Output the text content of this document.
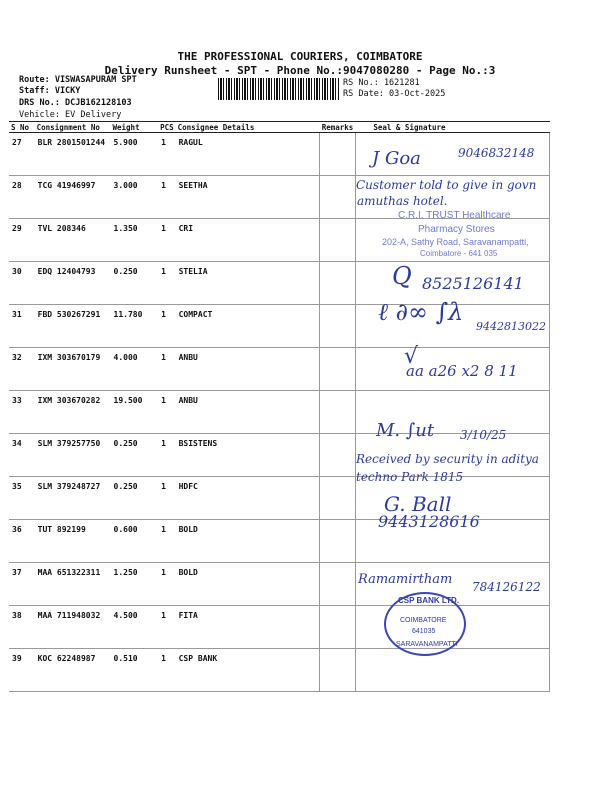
THE PROFESSIONAL COURIERS, COIMBATORE
Delivery Runsheet - SPT - Phone No.:9047080280 - Page No.:3
Route: VISWASAPURAM SPT
Staff: VICKY
DRS No.: DCJB162128103
Vehicle: EV Delivery
RS No.: 1621281
RS Date: 03-Oct-2025
S No	Consignment No	Weight	PCS	Consignee Details	Remarks	Seal & Signature
27	BLR 2801501244	5.900	1	RAGUL		
28	TCG 41946997	3.000	1	SEETHA		
29	TVL 208346	1.350	1	CRI		
30	EDQ 12404793	0.250	1	STELIA		
31	FBD 530267291	11.780	1	COMPACT		
32	IXM 303670179	4.000	1	ANBU		
33	IXM 303670282	19.500	1	ANBU		
34	SLM 379257750	0.250	1	BSISTENS		
35	SLM 379248727	0.250	1	HDFC		
36	TUT 892199	0.600	1	BOLD		
37	MAA 651322311	1.250	1	BOLD		
38	MAA 711948032	4.500	1	FITA		
39	KOC 62248987	0.510	1	CSP BANK		
C.R.I. TRUST Healthcare
Pharmacy Stores
202-A, Sathy Road, Saravanampatti,
Coimbatore - 641 035
CSP BANK LTD.
COIMBATORE
641035
SARAVANAMPATTI
J Goa	9046832148
Customer told to give in govn
amuthas hotel.
Q 8525126141
ℓ ∂∞ ∫λ
9442813022
√
aa a26 x2 8 11
M. ∫ut 3/10/25
Received by security in aditya
techno Park 1815
G. Ball
9443128616
Ramamirtham 784126122
